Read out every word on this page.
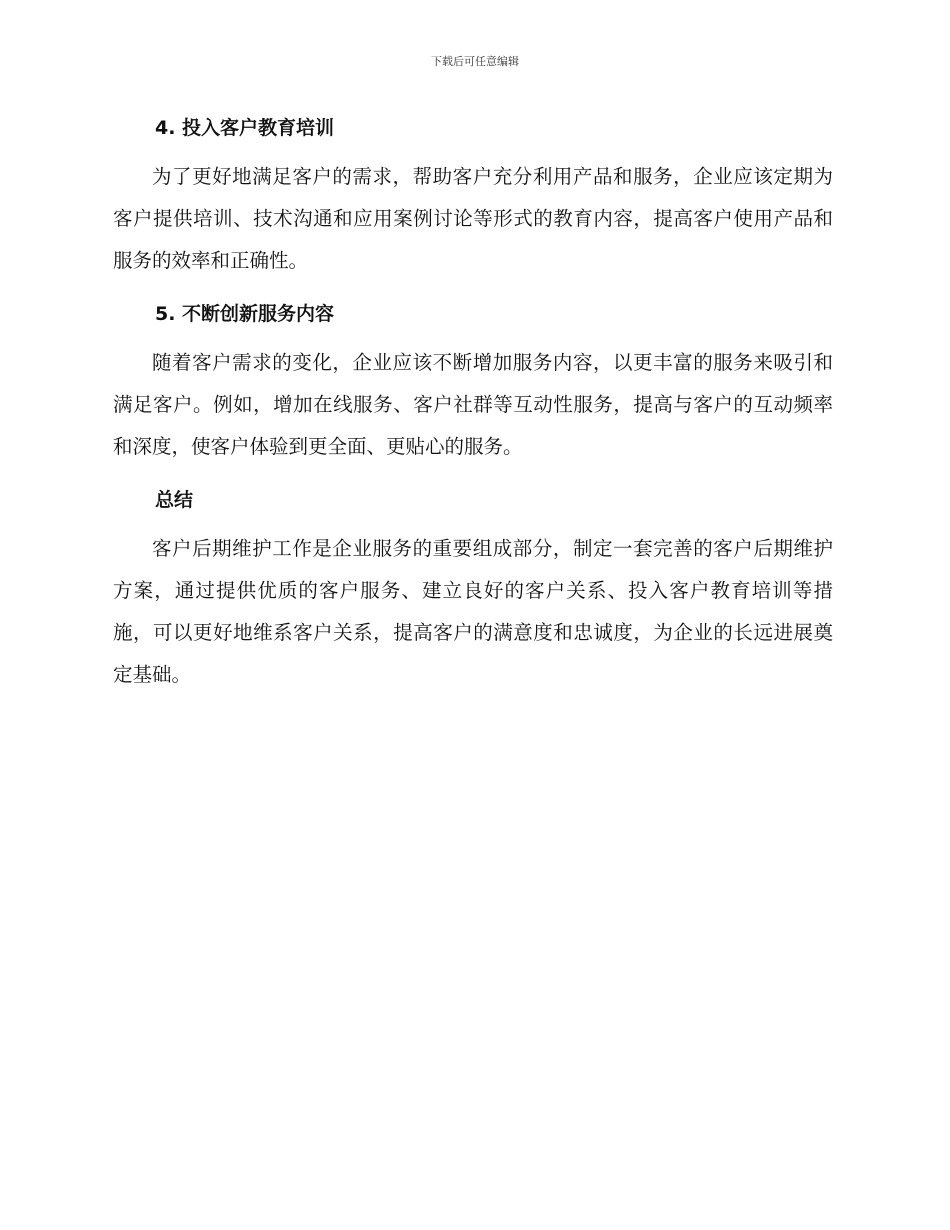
下载后可任意编辑
4. 投入客户教育培训

为了更好地满足客户的需求，帮助客户充分利用产品和服务，企业应该定期为客户提供培训、技术沟通和应用案例讨论等形式的教育内容，提高客户使用产品和服务的效率和正确性。

5. 不断创新服务内容

随着客户需求的变化，企业应该不断增加服务内容，以更丰富的服务来吸引和满足客户。例如，增加在线服务、客户社群等互动性服务，提高与客户的互动频率和深度，使客户体验到更全面、更贴心的服务。

总结

客户后期维护工作是企业服务的重要组成部分，制定一套完善的客户后期维护方案，通过提供优质的客户服务、建立良好的客户关系、投入客户教育培训等措施，可以更好地维系客户关系，提高客户的满意度和忠诚度，为企业的长远进展奠定基础。
